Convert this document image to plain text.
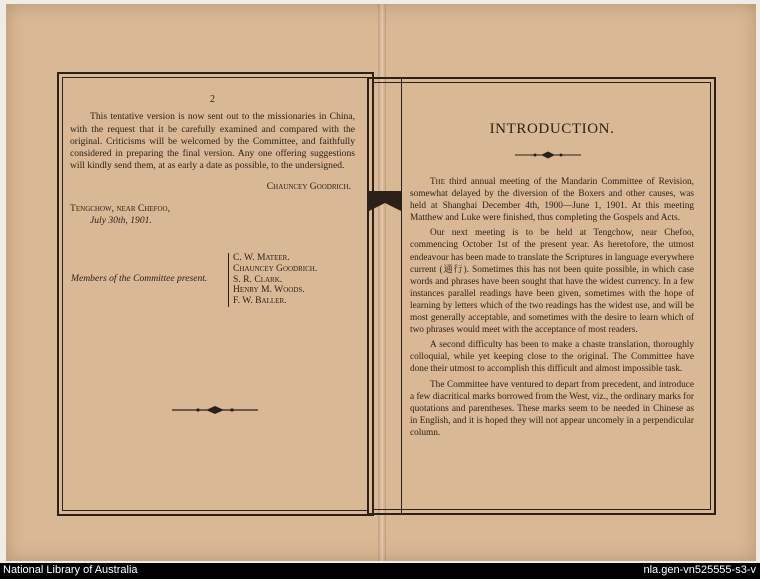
2

This tentative version is now sent out to the missionaries in China, with the request that it be carefully examined and compared with the original. Criticisms will be welcomed by the Committee, and faithfully considered in preparing the final version. Any one offering suggestions will kindly send them, at as early a date as possible, to the undersigned.

Chauncey Goodrich.
Tengchow, near Chefoo,
July 30th, 1901.
Members of the Committee present.
C. W. Mateer.
Chauncey Goodrich.
S. R. Clark.
Henry M. Woods.
F. W. Baller.
INTRODUCTION.

The third annual meeting of the Mandarin Committee of Revision, somewhat delayed by the diversion of the Boxers and other causes, was held at Shanghai December 4th, 1900—June 1, 1901. At this meeting Matthew and Luke were finished, thus completing the Gospels and Acts.

Our next meeting is to be held at Tengchow, near Chefoo, commencing October 1st of the present year. As heretofore, the utmost endeavour has been made to translate the Scriptures in language everywhere current (通行). Sometimes this has not been quite possible, in which case words and phrases have been sought that have the widest currency. In a few instances parallel readings have been given, sometimes with the hope of learning by letters which of the two readings has the widest use, and will be most generally acceptable, and sometimes with the desire to learn which of two phrases would meet with the acceptance of most readers.

A second difficulty has been to make a chaste translation, thoroughly colloquial, while yet keeping close to the original. The Committee have done their utmost to accomplish this difficult and almost impossible task.

The Committee have ventured to depart from precedent, and introduce a few diacritical marks borrowed from the West, viz., the ordinary marks for quotations and parentheses. These marks seem to be needed in Chinese as in English, and it is hoped they will not appear uncomely in a perpendicular column.

National Library of Australia	nla.gen-vn525555-s3-v
